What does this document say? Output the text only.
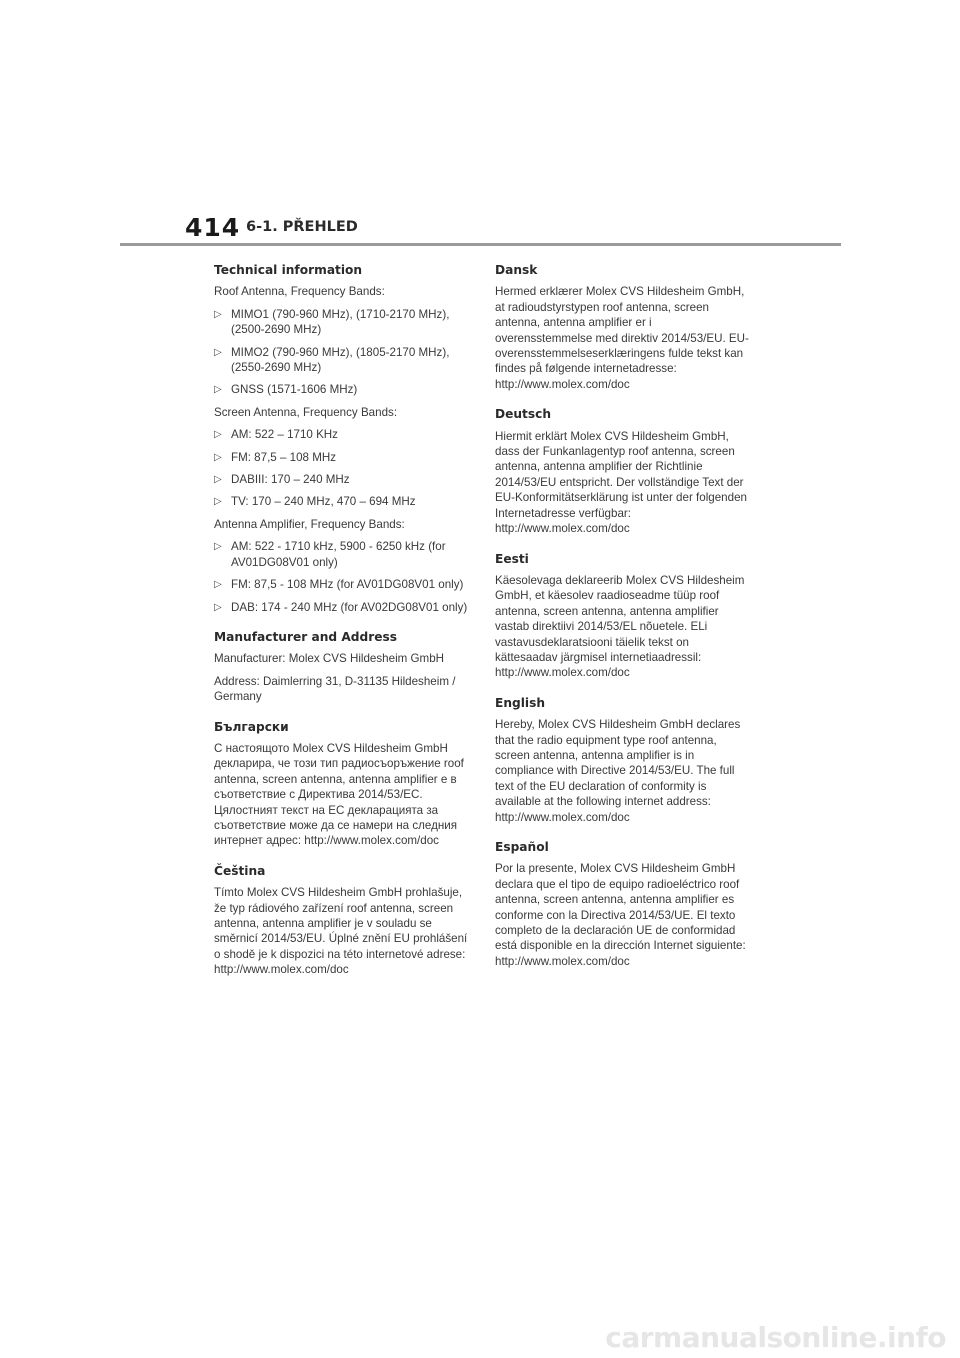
414 6-1. PŘEHLED
Technical information
Roof Antenna, Frequency Bands:
▷ MIMO1 (790-960 MHz), (1710-2170 MHz), (2500-2690 MHz)
▷ MIMO2 (790-960 MHz), (1805-2170 MHz), (2550-2690 MHz)
▷ GNSS (1571-1606 MHz)
Screen Antenna, Frequency Bands:
▷ AM: 522 – 1710 KHz
▷ FM: 87,5 – 108 MHz
▷ DABIII: 170 – 240 MHz
▷ TV: 170 – 240 MHz, 470 – 694 MHz
Antenna Amplifier, Frequency Bands:
▷ AM: 522 - 1710 kHz, 5900 - 6250 kHz (for AV01DG08V01 only)
▷ FM: 87,5 - 108 MHz (for AV01DG08V01 only)
▷ DAB: 174 - 240 MHz (for AV02DG08V01 only)
Manufacturer and Address
Manufacturer: Molex CVS Hildesheim GmbH
Address: Daimlerring 31, D-31135 Hildesheim / Germany
Български
С настоящото Molex CVS Hildesheim GmbH декларира, че този тип радиосъоръжение roof antenna, screen antenna, antenna amplifier е в съответствие с Директива 2014/53/ЕС. Цялостният текст на ЕС декларацията за съответствие може да се намери на следния интернет адрес: http://www.molex.com/doc
Čeština
Tímto Molex CVS Hildesheim GmbH prohlašuje, že typ rádiového zařízení roof antenna, screen antenna, antenna amplifier je v souladu se směrnicí 2014/53/EU. Úplné znění EU prohlášení o shodě je k dispozici na této internetové adrese: http://www.molex.com/doc
Dansk
Hermed erklærer Molex CVS Hildesheim GmbH, at radioudstyrstypen roof antenna, screen antenna, antenna amplifier er i overensstemmelse med direktiv 2014/53/EU. EU-overensstemmelseserklæringens fulde tekst kan findes på følgende internetadresse: http://www.molex.com/doc
Deutsch
Hiermit erklärt Molex CVS Hildesheim GmbH, dass der Funkanlagentyp roof antenna, screen antenna, antenna amplifier der Richtlinie 2014/53/EU entspricht. Der vollständige Text der EU-Konformitätserklärung ist unter der folgenden Internetadresse verfügbar: http://www.molex.com/doc
Eesti
Käesolevaga deklareerib Molex CVS Hildesheim GmbH, et käesolev raadioseadme tüüp roof antenna, screen antenna, antenna amplifier vastab direktiivi 2014/53/EL nõuetele. ELi vastavusdeklaratsiooni täielik tekst on kättesaadav järgmisel internetiaadressil: http://www.molex.com/doc
English
Hereby, Molex CVS Hildesheim GmbH declares that the radio equipment type roof antenna, screen antenna, antenna amplifier is in compliance with Directive 2014/53/EU. The full text of the EU declaration of conformity is available at the following internet address: http://www.molex.com/doc
Español
Por la presente, Molex CVS Hildesheim GmbH declara que el tipo de equipo radioeléctrico roof antenna, screen antenna, antenna amplifier es conforme con la Directiva 2014/53/UE. El texto completo de la declaración UE de conformidad está disponible en la dirección Internet siguiente: http://www.molex.com/doc
carmanualsonline.info
